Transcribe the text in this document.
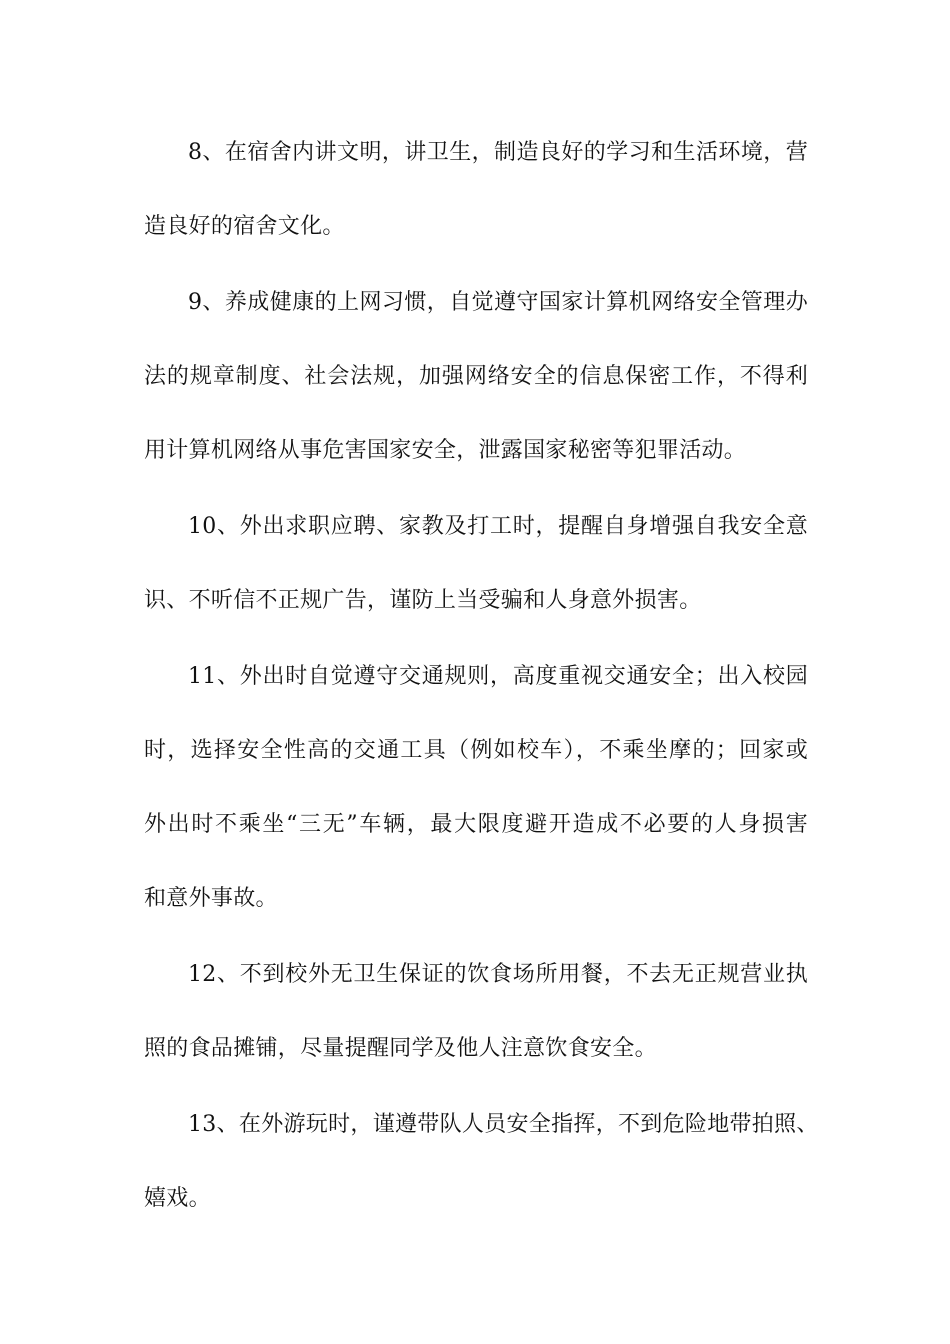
8、在宿舍内讲文明，讲卫生，制造良好的学习和生活环境，营
造良好的宿舍文化。
9、养成健康的上网习惯，自觉遵守国家计算机网络安全管理办
法的规章制度、社会法规，加强网络安全的信息保密工作，不得利
用计算机网络从事危害国家安全，泄露国家秘密等犯罪活动。
10、外出求职应聘、家教及打工时，提醒自身增强自我安全意
识、不听信不正规广告，谨防上当受骗和人身意外损害。
11、外出时自觉遵守交通规则，高度重视交通安全；出入校园
时，选择安全性高的交通工具（例如校车），不乘坐摩的；回家或
外出时不乘坐“三无”车辆，最大限度避开造成不必要的人身损害
和意外事故。
12、不到校外无卫生保证的饮食场所用餐，不去无正规营业执
照的食品摊铺，尽量提醒同学及他人注意饮食安全。
13、在外游玩时，谨遵带队人员安全指挥，不到危险地带拍照、
嬉戏。
